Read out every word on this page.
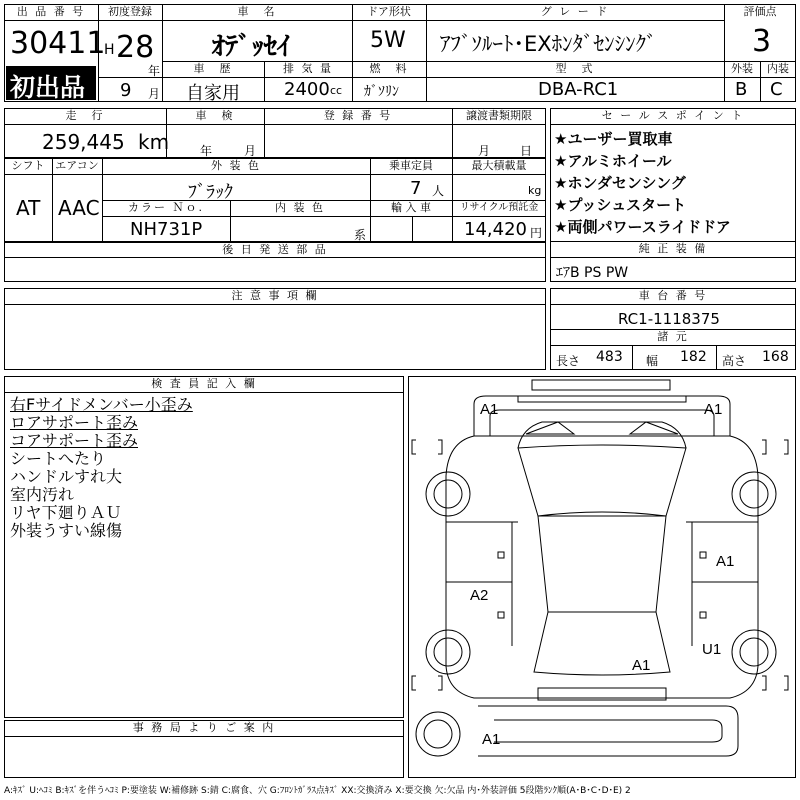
出 品 番 号
30411
初出品
初度登録
H 28
年
9 月
車　名
ｵﾃﾞｯｾｲ
ドア形状
5W
グ レ ー ド
ｱﾌﾞｿﾙｰﾄ･EXﾎﾝﾀﾞｾﾝｼﾝｸﾞ
評価点
3
外装	内装
B C
車　歴
自家用
排 気 量
2400 cc
燃　料
ｶﾞｿﾘﾝ
型　式
DBA-RC1
走　行
259,445 km
車　検
年	月
登 録 番 号	譲渡書類期限
月 日
シフト
AT
エアコン
AAC
外 装 色
ﾌﾞﾗｯｸ
乗車定員
7 人
最大積載量
kg
カラー Ｎｏ.
NH731P
内 装 色
系
輸 入 車	リサイクル預託金
14,420 円
後 日 発 送 部 品
セ ー ル ス ポ イ ン ト
★ユーザー買取車
★アルミホイール
★ホンダセンシング
★プッシュスタート
★両側パワースライドドア
純 正 装 備
ｴｱB PS PW
注 意 事 項 欄	車 台 番 号
RC1-1118375
諸 元
長さ 483 幅 182 高さ 168
検 査 員 記 入 欄
右Fサイドメンバー小歪み
ロアサポート歪み
コアサポート歪み
シートへたり
ハンドルすれ大
室内汚れ
リヤ下廻りＡＵ
外装うすい線傷
事 務 局 よ り ご 案 内
A1	A1
A1
A2
U1
A1
A1
A:ｷｽﾞ U:ﾍｺﾐ B:ｷｽﾞを伴うﾍｺﾐ P:要塗装 W:補修跡 S:錆 C:腐食、穴 G:ﾌﾛﾝﾄｶﾞﾗｽ点ｷｽﾞ XX:交換済み X:要交換 欠:欠品 内･外装評価 5段階ﾗﾝｸ順(A･B･C･D･E) 2
